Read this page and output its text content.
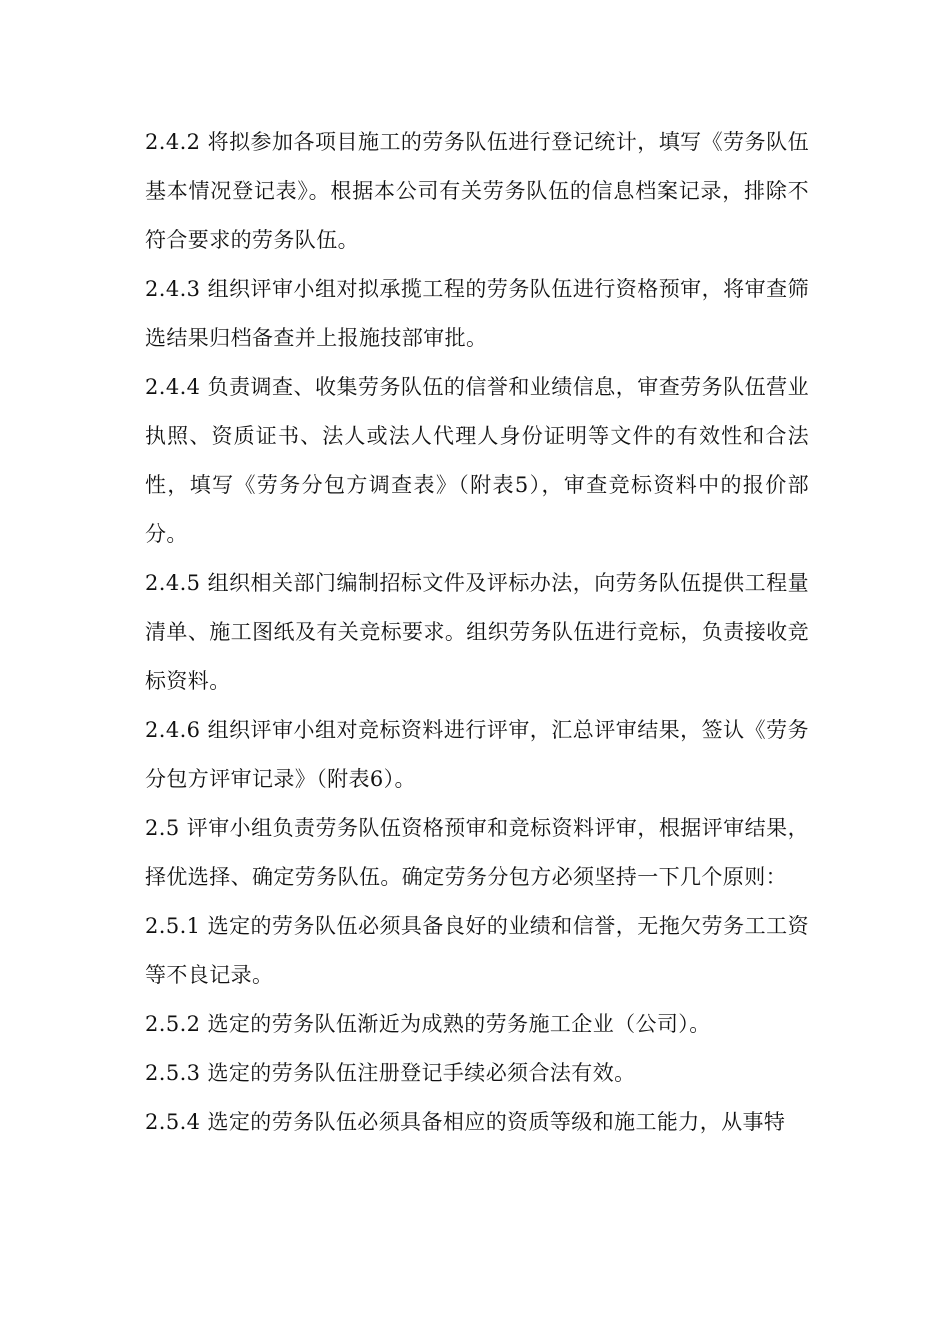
2.4.2 将拟参加各项目施工的劳务队伍进行登记统计，填写《劳务队伍基本情况登记表》。根据本公司有关劳务队伍的信息档案记录，排除不符合要求的劳务队伍。

2.4.3 组织评审小组对拟承揽工程的劳务队伍进行资格预审，将审查筛选结果归档备查并上报施技部审批。

2.4.4 负责调查、收集劳务队伍的信誉和业绩信息，审查劳务队伍营业执照、资质证书、法人或法人代理人身份证明等文件的有效性和合法性，填写《劳务分包方调查表》（附表5），审查竞标资料中的报价部分。

2.4.5 组织相关部门编制招标文件及评标办法，向劳务队伍提供工程量清单、施工图纸及有关竞标要求。组织劳务队伍进行竞标，负责接收竞标资料。

2.4.6 组织评审小组对竞标资料进行评审，汇总评审结果，签认《劳务分包方评审记录》（附表6）。

2.5 评审小组负责劳务队伍资格预审和竞标资料评审，根据评审结果，择优选择、确定劳务队伍。确定劳务分包方必须坚持一下几个原则：

2.5.1 选定的劳务队伍必须具备良好的业绩和信誉，无拖欠劳务工工资等不良记录。

2.5.2 选定的劳务队伍渐近为成熟的劳务施工企业（公司）。

2.5.3 选定的劳务队伍注册登记手续必须合法有效。

2.5.4 选定的劳务队伍必须具备相应的资质等级和施工能力，从事特
